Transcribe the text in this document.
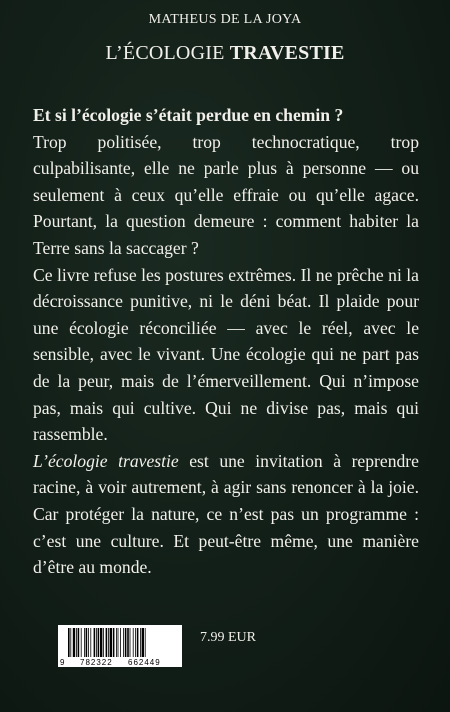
MATHEUS DE LA JOYA
L’ÉCOLOGIE TRAVESTIE

Et si l’écologie s’était perdue en chemin ?

Trop politisée, trop technocratique, trop culpabilisante, elle ne parle plus à personne — ou seulement à ceux qu’elle effraie ou qu’elle agace. Pourtant, la question demeure : comment habiter la Terre sans la saccager ?

Ce livre refuse les postures extrêmes. Il ne prêche ni la décroissance punitive, ni le déni béat. Il plaide pour une écologie réconciliée — avec le réel, avec le sensible, avec le vivant. Une écologie qui ne part pas de la peur, mais de l’émerveillement. Qui n’impose pas, mais qui cultive. Qui ne divise pas, mais qui rassemble.

L’écologie travestie est une invitation à reprendre racine, à voir autrement, à agir sans renoncer à la joie. Car protéger la nature, ce n’est pas un programme : c’est une culture. Et peut-être même, une manière d’être au monde.

9 782322 662449
7.99 EUR
